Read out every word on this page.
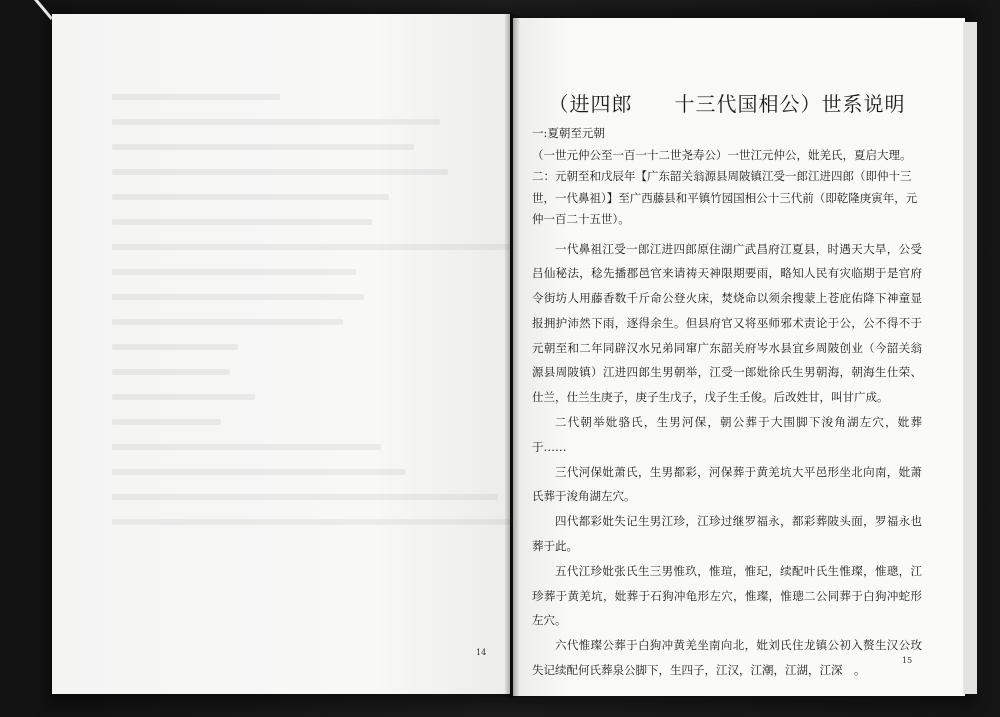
14
15
（进四郎　　十三代国相公）世系说明

一:夏朝至元朝

（一世元仲公至一百一十二世尧寿公）一世江元仲公，妣羌氏，夏启大理。

二：元朝至和戊辰年【广东韶关翁源县周陂镇江受一郎江进四郎（即仲十三世，一代鼻祖）】至广西藤县和平镇竹园国相公十三代前（即乾隆庚寅年，元仲一百二十五世）。

一代鼻祖江受一郎江进四郎原住湖广武昌府江夏县，时遇天大旱，公受吕仙秘法，稔先播郡邑官来请祷天神限期要雨，略知人民有灾临期于是官府令街坊人用藤香数千斤命公登火床，焚烧命以须余搜蒙上苍庇佑降下神童显报拥护沛然下雨，逐得余生。但县府官又将巫师邪术责论于公，公不得不于元朝至和二年同辟汉水兄弟同窜广东韶关府岑水县宜乡周陂创业（今韶关翁源县周陂镇）江进四郎生男朝举，江受一郎妣徐氏生男朝海，朝海生仕荣、仕兰，仕兰生庚子，庚子生戊子，戊子生壬俊。后改姓甘，叫甘广成。

二代朝举妣骆氏，生男河保，朝公葬于大围脚下浚角湖左穴，妣葬于……

三代河保妣萧氏，生男都彩，河保葬于黄羌坑大平邑形坐北向南，妣萧氏葬于浚角湖左穴。

四代都彩妣失记生男江珍，江珍过继罗福永，都彩葬陂头面，罗福永也葬于此。

五代江珍妣张氏生三男惟玖，惟瑄，惟玘，续配叶氏生惟璨，惟璁，江珍葬于黄羌坑，妣葬于石狗冲龟形左穴，惟璨，惟璁二公同葬于白狗冲蛇形左穴。

六代惟璨公葬于白狗冲黄羌坐南向北，妣刘氏住龙镇公初入赘生汉公玫失记续配何氏葬泉公脚下，生四子，江汉，江潮，江湖，江深　。
